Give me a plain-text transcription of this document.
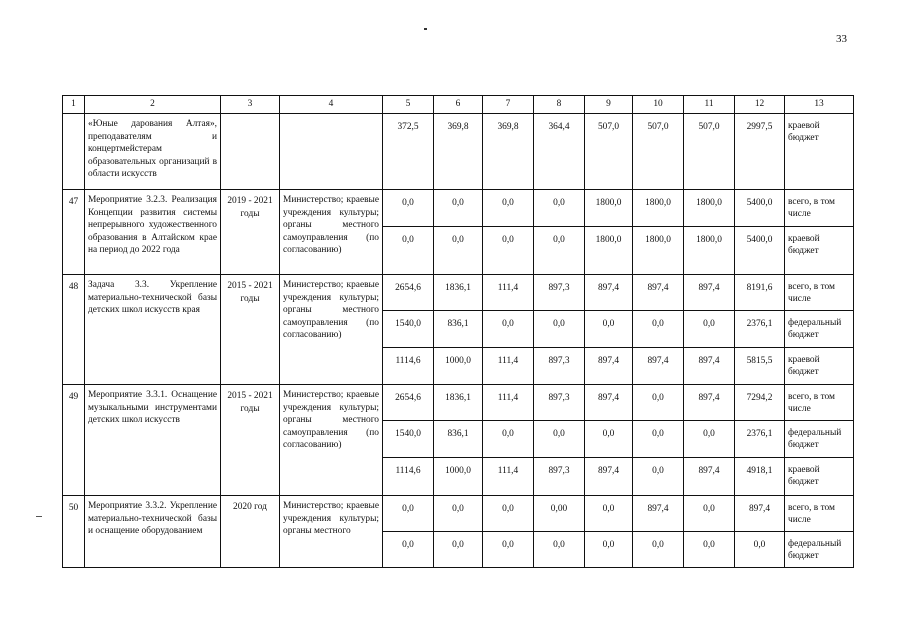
33
1	2	3	4	5	6	7	8	9	10	11	12	13
	«Юные дарования Алтая», преподавателям и концертмейстерам образовательных организаций в области искусств			372,5	369,8	369,8	364,4	507,0	507,0	507,0	2997,5	краевой бюджет
47	Мероприятие 3.2.3. Реализация Концепции развития системы непрерывного художественного образования в Алтайском крае на период до 2022 года	2019 - 2021 годы	Министерство; краевые учреждения культуры; органы местного самоуправления (по согласованию)	0,0	0,0	0,0	0,0	1800,0	1800,0	1800,0	5400,0	всего, в том числе
				0,0	0,0	0,0	0,0	1800,0	1800,0	1800,0	5400,0	краевой бюджет
48	Задача 3.3. Укрепление материально-технической базы детских школ искусств края	2015 - 2021 годы	Министерство; краевые учреждения культуры; органы местного самоуправления (по согласованию)	2654,6	1836,1	111,4	897,3	897,4	897,4	897,4	8191,6	всего, в том числе
				1540,0	836,1	0,0	0,0	0,0	0,0	0,0	2376,1	федеральный бюджет
				1114,6	1000,0	111,4	897,3	897,4	897,4	897,4	5815,5	краевой бюджет
49	Мероприятие 3.3.1. Оснащение музыкальными инструментами детских школ искусств	2015 - 2021 годы	Министерство; краевые учреждения культуры; органы местного самоуправления (по согласованию)	2654,6	1836,1	111,4	897,3	897,4	0,0	897,4	7294,2	всего, в том числе
				1540,0	836,1	0,0	0,0	0,0	0,0	0,0	2376,1	федеральный бюджет
				1114,6	1000,0	111,4	897,3	897,4	0,0	897,4	4918,1	краевой бюджет
50	Мероприятие 3.3.2. Укрепление материально-технической базы и оснащение оборудованием	2020 год	Министерство; краевые учреждения культуры; органы местного	0,0	0,0	0,0	0,00	0,0	897,4	0,0	897,4	всего, в том числе
				0,0	0,0	0,0	0,0	0,0	0,0	0,0	0,0	федеральный бюджет
